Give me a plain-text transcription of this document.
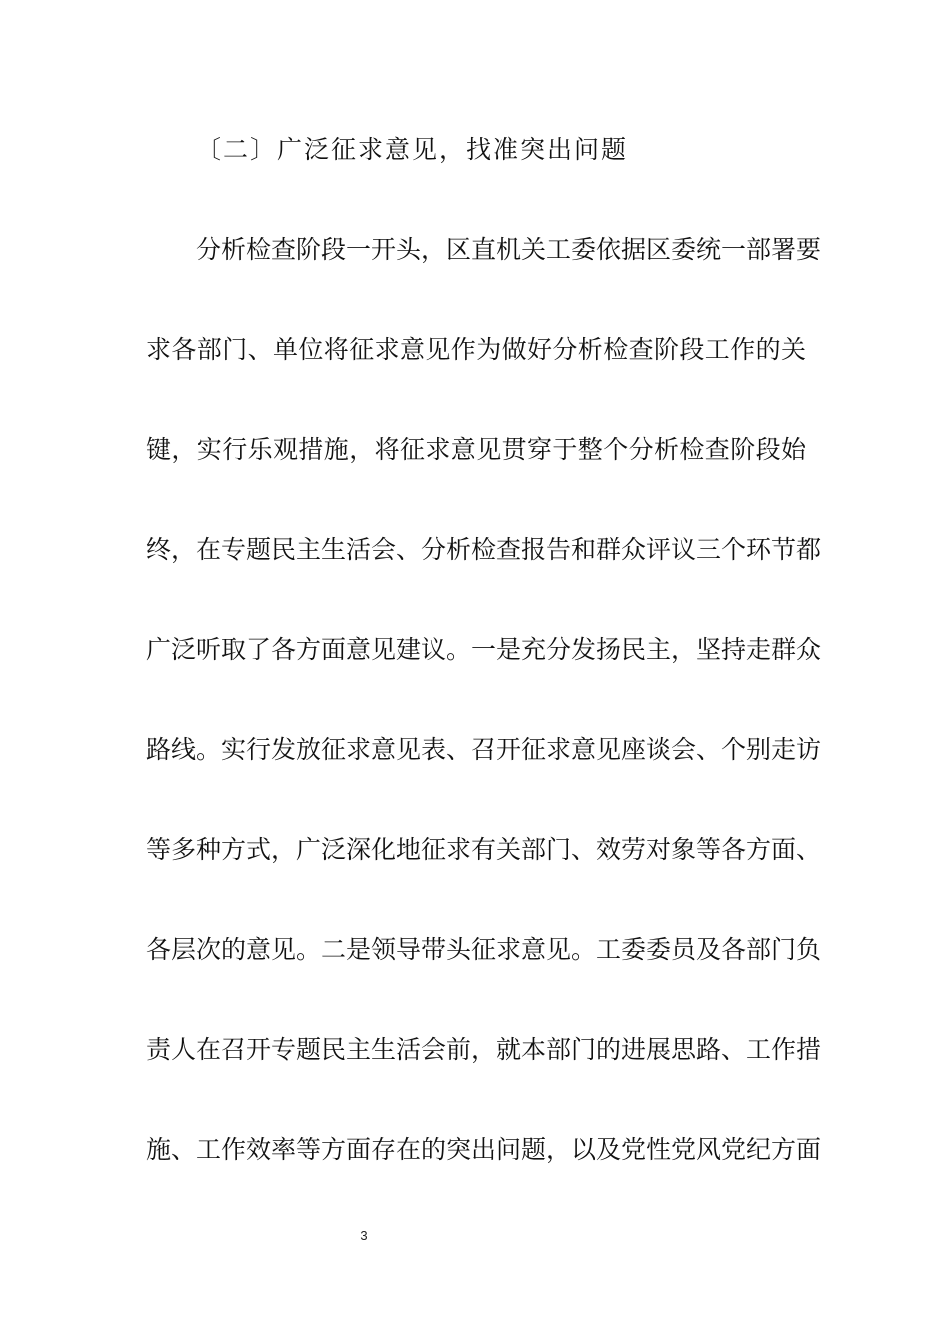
〔二〕广泛征求意见，找准突出问题
分析检查阶段一开头，区直机关工委依据区委统一部署要
求各部门、单位将征求意见作为做好分析检查阶段工作的关
键，实行乐观措施，将征求意见贯穿于整个分析检查阶段始
终，在专题民主生活会、分析检查报告和群众评议三个环节都
广泛听取了各方面意见建议。一是充分发扬民主，坚持走群众
路线。实行发放征求意见表、召开征求意见座谈会、个别走访
等多种方式，广泛深化地征求有关部门、效劳对象等各方面、
各层次的意见。二是领导带头征求意见。工委委员及各部门负
责人在召开专题民主生活会前，就本部门的进展思路、工作措
施、工作效率等方面存在的突出问题，以及党性党风党纪方面
3
